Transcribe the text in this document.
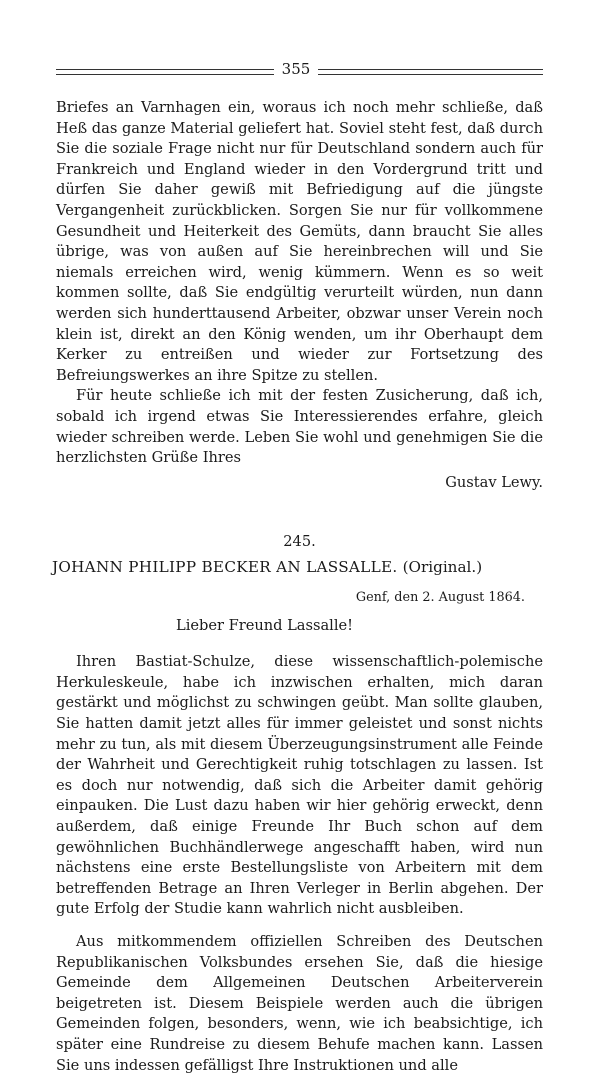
355

Briefes an Varnhagen ein, woraus ich noch mehr schließe, daß Heß das ganze Material geliefert hat. Soviel steht fest, daß durch Sie die soziale Frage nicht nur für Deutschland sondern auch für Frankreich und England wieder in den Vordergrund tritt und dürfen Sie daher gewiß mit Befriedigung auf die jüngste Vergangenheit zurückblicken. Sorgen Sie nur für vollkommene Gesundheit und Heiterkeit des Gemüts, dann braucht Sie alles übrige, was von außen auf Sie hereinbrechen will und Sie niemals erreichen wird, wenig kümmern. Wenn es so weit kommen sollte, daß Sie endgültig verurteilt würden, nun dann werden sich hunderttausend Arbeiter, obzwar unser Verein noch klein ist, direkt an den König wenden, um ihr Oberhaupt dem Kerker zu entreißen und wieder zur Fortsetzung des Befreiungswerkes an ihre Spitze zu stellen.

Für heute schließe ich mit der festen Zusicherung, daß ich, sobald ich irgend etwas Sie Interessierendes erfahre, gleich wieder schreiben werde. Leben Sie wohl und genehmigen Sie die herzlichsten Grüße Ihres

Gustav Lewy.

245.
JOHANN PHILIPP BECKER AN LASSALLE. (Original.)
Genf, den 2. August 1864.
Lieber Freund Lassalle!

Ihren Bastiat-Schulze, diese wissenschaftlich-polemische Herkuleskeule, habe ich inzwischen erhalten, mich daran gestärkt und möglichst zu schwingen geübt. Man sollte glauben, Sie hatten damit jetzt alles für immer geleistet und sonst nichts mehr zu tun, als mit diesem Überzeugungsinstrument alle Feinde der Wahrheit und Gerechtigkeit ruhig totschlagen zu lassen. Ist es doch nur notwendig, daß sich die Arbeiter damit gehörig einpauken. Die Lust dazu haben wir hier gehörig erweckt, denn außerdem, daß einige Freunde Ihr Buch schon auf dem gewöhnlichen Buchhändlerwege angeschafft haben, wird nun nächstens eine erste Bestellungsliste von Arbeitern mit dem betreffenden Betrage an Ihren Verleger in Berlin abgehen. Der gute Erfolg der Studie kann wahrlich nicht ausbleiben.

Aus mitkommendem offiziellen Schreiben des Deutschen Republikanischen Volksbundes ersehen Sie, daß die hiesige Gemeinde dem Allgemeinen Deutschen Arbeiterverein beigetreten ist. Diesem Beispiele werden auch die übrigen Gemeinden folgen, besonders, wenn, wie ich beabsichtige, ich später eine Rundreise zu diesem Behufe machen kann. Lassen Sie uns indessen gefälligst Ihre Instruktionen und alle
